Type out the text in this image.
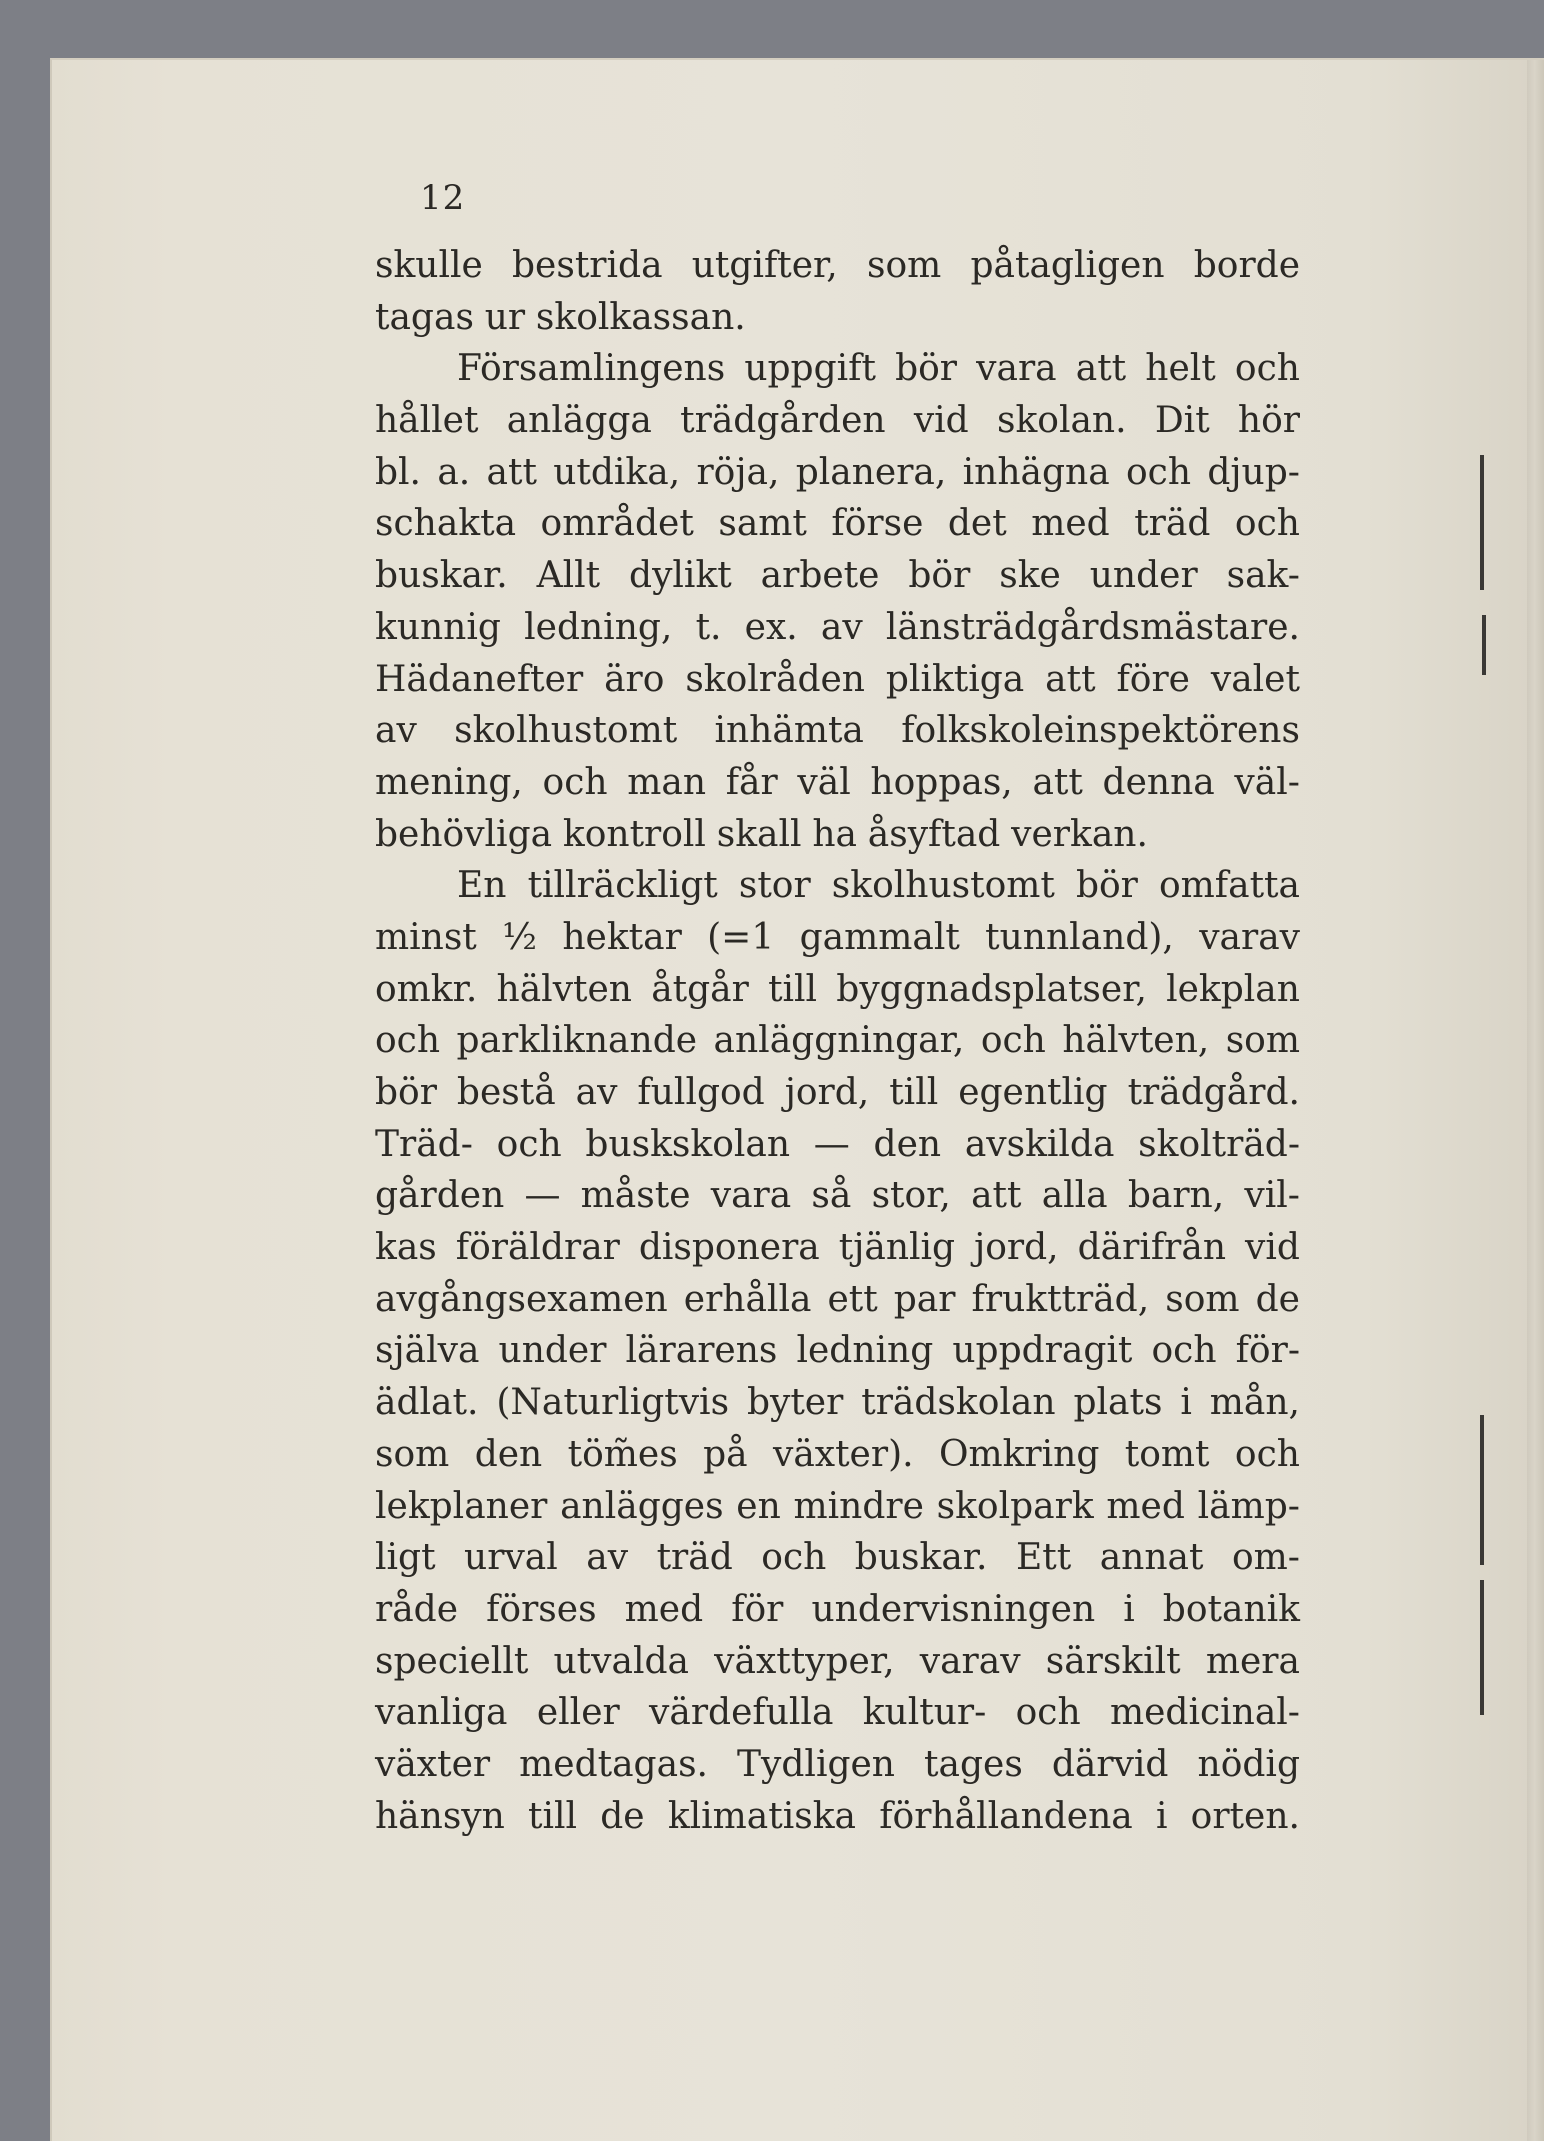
12
skulle bestrida utgifter, som påtagligen borde
tagas ur skolkassan.
Församlingens uppgift bör vara att helt och
hållet anlägga trädgården vid skolan. Dit hör
bl. a. att utdika, röja, planera, inhägna och djup-
schakta området samt förse det med träd och
buskar. Allt dylikt arbete bör ske under sak-
kunnig ledning, t. ex. av länsträdgårdsmästare.
Hädanefter äro skolråden pliktiga att före valet
av skolhustomt inhämta folkskoleinspektörens
mening, och man får väl hoppas, att denna väl-
behövliga kontroll skall ha åsyftad verkan.
En tillräckligt stor skolhustomt bör omfatta
minst ½ hektar (=1 gammalt tunnland), varav
omkr. hälvten åtgår till byggnadsplatser, lekplan
och parkliknande anläggningar, och hälvten, som
bör bestå av fullgod jord, till egentlig trädgård.
Träd- och buskskolan — den avskilda skolträd-
gården — måste vara så stor, att alla barn, vil-
kas föräldrar disponera tjänlig jord, därifrån vid
avgångsexamen erhålla ett par fruktträd, som de
själva under lärarens ledning uppdragit och för-
ädlat. (Naturligtvis byter trädskolan plats i mån,
som den töm̃es på växter). Omkring tomt och
lekplaner anlägges en mindre skolpark med lämp-
ligt urval av träd och buskar. Ett annat om-
råde förses med för undervisningen i botanik
speciellt utvalda växttyper, varav särskilt mera
vanliga eller värdefulla kultur- och medicinal-
växter medtagas. Tydligen tages därvid nödig
hänsyn till de klimatiska förhållandena i orten.
